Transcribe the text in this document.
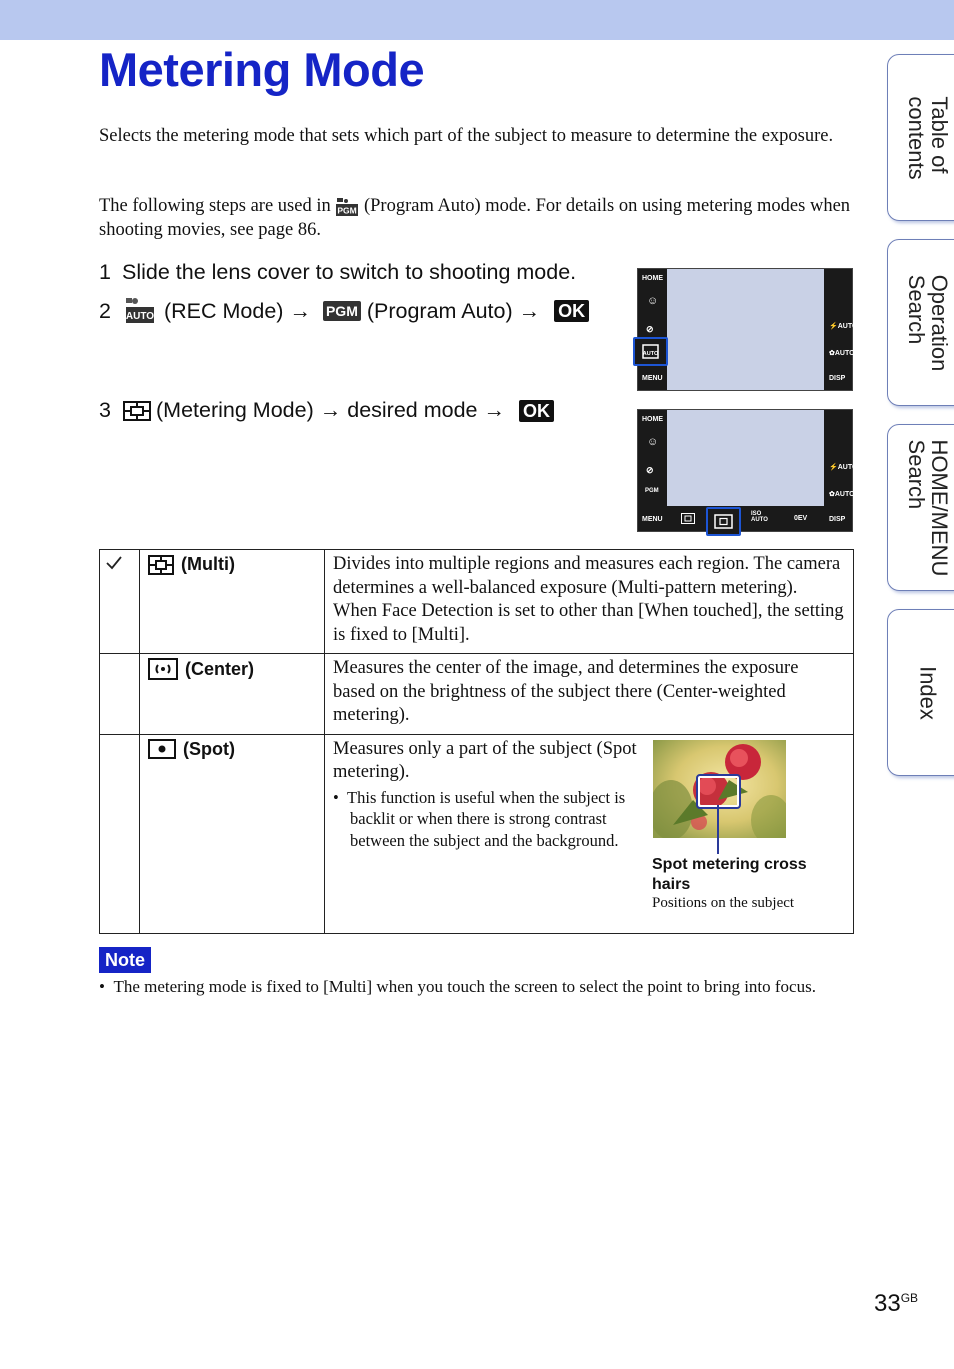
Metering Mode

Selects the metering mode that sets which part of the subject to measure to determine the exposure.

The following steps are used in PGM (Program Auto) mode. For details on using metering modes when shooting movies, see page 86.

1 Slide the lens cover to switch to shooting mode.
2	AUTO (REC Mode) → PGM (Program Auto) → OK
3	(Metering Mode) → desired mode → OK
HOME
☺
⊘
MENU
⚡AUTO
✿AUTO
DISP
AUTO
HOME
☺
⊘
PGM
MENU
ISO
AUTO	0EV
⚡AUTO
✿AUTO
DISP

(Multi)	Divides into multiple regions and measures each region. The camera determines a well-balanced exposure (Multi-pattern metering). When Face Detection is set to other than [When touched], the setting is fixed to [Multi].

	(Center)	Measures the center of the image, and determines the exposure based on the brightness of the subject there (Center-weighted metering).

	(Spot)	Measures only a part of the subject (Spot metering).
•  This function is useful when the subject is backlit or when there is strong contrast between the subject and the background.
Spot metering cross hairs
Positions on the subject
Note
•  The metering mode is fixed to [Multi] when you touch the screen to select the point to bring into focus.
Table of
contents
Operation
Search
HOME/MENU
Search
Index
$33^{GB}$
